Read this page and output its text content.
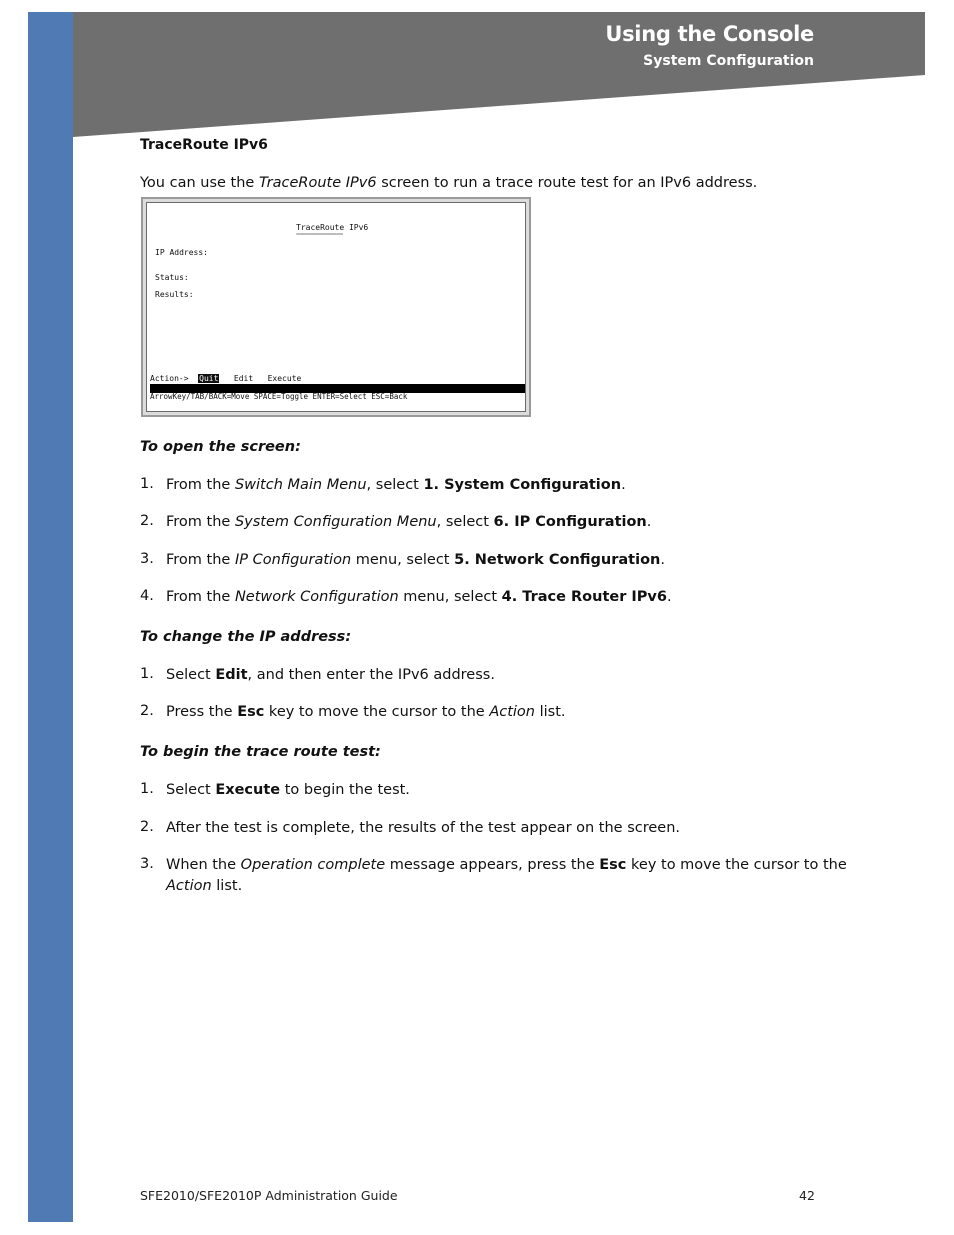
Using the Console
System Configuration
TraceRoute IPv6
You can use the TraceRoute IPv6 screen to run a trace route test for an IPv6 address.
TraceRoute IPv6
===============
IP Address:
Status:
Results:
Action-> Quit Edit Execute
ArrowKey/TAB/BACK=Move SPACE=Toggle ENTER=Select ESC=Back
To open the screen:
1. From the Switch Main Menu, select 1. System Configuration.
2. From the System Configuration Menu, select 6. IP Configuration.
3. From the IP Configuration menu, select 5. Network Configuration.
4. From the Network Configuration menu, select 4. Trace Router IPv6.
To change the IP address:
1. Select Edit, and then enter the IPv6 address.
2. Press the Esc key to move the cursor to the Action list.
To begin the trace route test:
1. Select Execute to begin the test.
2. After the test is complete, the results of the test appear on the screen.
3. When the Operation complete message appears, press the Esc key to move the cursor to the
Action list.
SFE2010/SFE2010P Administration Guide	42
